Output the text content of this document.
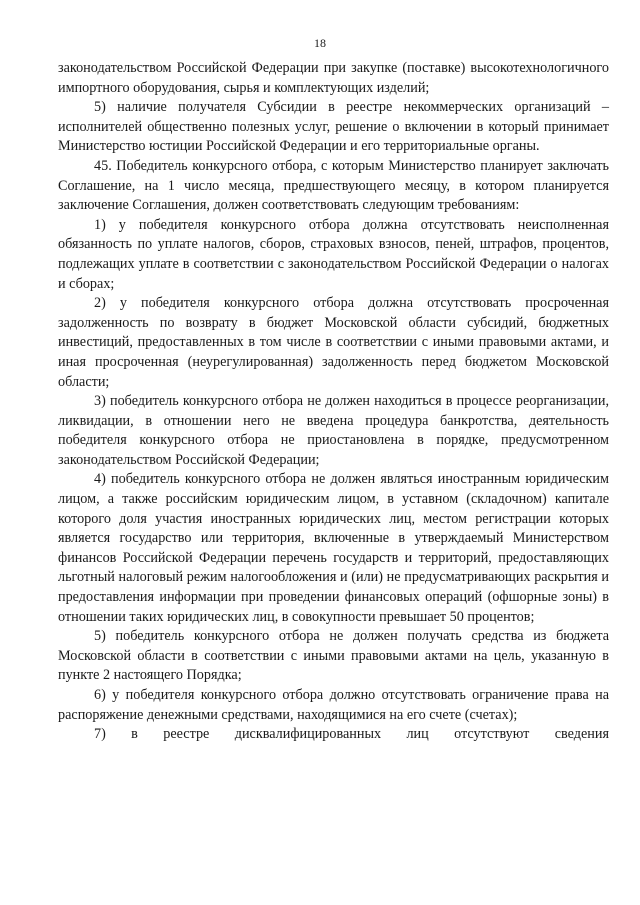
18

законодательством Российской Федерации при закупке (поставке) высокотехнологичного импортного оборудования, сырья и комплектующих изделий;

5) наличие получателя Субсидии в реестре некоммерческих организаций – исполнителей общественно полезных услуг, решение о включении в который принимает Министерство юстиции Российской Федерации и его территориальные органы.

45. Победитель конкурсного отбора, с которым Министерство планирует заключать Соглашение, на 1 число месяца, предшествующего месяцу, в котором планируется заключение Соглашения, должен соответствовать следующим требованиям:

1) у победителя конкурсного отбора должна отсутствовать неисполненная обязанность по уплате налогов, сборов, страховых взносов, пеней, штрафов, процентов, подлежащих уплате в соответствии с законодательством Российской Федерации о налогах и сборах;

2) у победителя конкурсного отбора должна отсутствовать просроченная задолженность по возврату в бюджет Московской области субсидий, бюджетных инвестиций, предоставленных в том числе в соответствии с иными правовыми актами, и иная просроченная (неурегулированная) задолженность перед бюджетом Московской области;

3) победитель конкурсного отбора не должен находиться в процессе реорганизации, ликвидации, в отношении него не введена процедура банкротства, деятельность победителя конкурсного отбора не приостановлена в порядке, предусмотренном законодательством Российской Федерации;

4) победитель конкурсного отбора не должен являться иностранным юридическим лицом, а также российским юридическим лицом, в уставном (складочном) капитале которого доля участия иностранных юридических лиц, местом регистрации которых является государство или территория, включенные в утверждаемый Министерством финансов Российской Федерации перечень государств и территорий, предоставляющих льготный налоговый режим налогообложения и (или) не предусматривающих раскрытия и предоставления информации при проведении финансовых операций (офшорные зоны) в отношении таких юридических лиц, в совокупности превышает 50 процентов;

5) победитель конкурсного отбора не должен получать средства из бюджета Московской области в соответствии с иными правовыми актами на цель, указанную в пункте 2 настоящего Порядка;

6) у победителя конкурсного отбора должно отсутствовать ограничение права на распоряжение денежными средствами, находящимися на его счете (счетах);

7) в реестре дисквалифицированных лиц отсутствуют сведения
